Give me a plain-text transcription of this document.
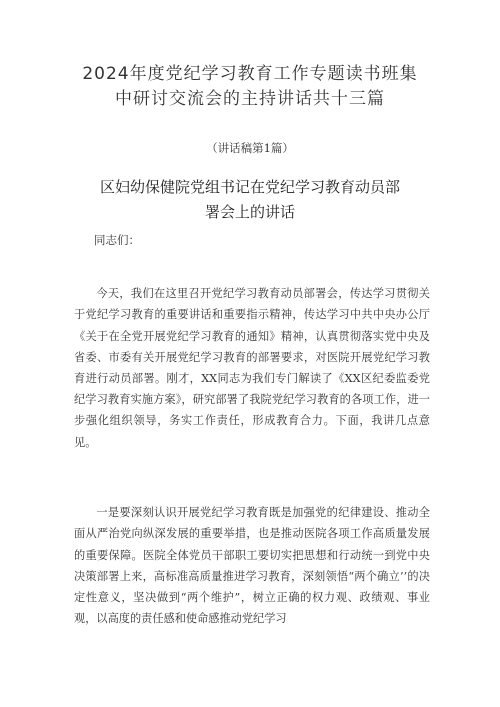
2024年度党纪学习教育工作专题读书班集
中研讨交流会的主持讲话共十三篇
（讲话稿第1篇）
区妇幼保健院党组书记在党纪学习教育动员部
署会上的讲话
同志们：

今天，我们在这里召开党纪学习教育动员部署会，传达学习贯彻关于党纪学习教育的重要讲话和重要指示精神，传达学习中共中央办公厅《关于在全党开展党纪学习教育的通知》精神，认真贯彻落实党中央及省委、市委有关开展党纪学习教育的部署要求，对医院开展党纪学习教育进行动员部署。刚才，XX同志为我们专门解读了《XX区纪委监委党纪学习教育实施方案》，研究部署了我院党纪学习教育的各项工作，进一步强化组织领导，务实工作责任，形成教育合力。下面，我讲几点意见。

一是要深刻认识开展党纪学习教育既是加强党的纪律建设、推动全面从严治党向纵深发展的重要举措，也是推动医院各项工作高质量发展的重要保障。医院全体党员干部职工要切实把思想和行动统一到党中央决策部署上来，高标准高质量推进学习教育，深刻领悟“两个确立’’的决定性意义，坚决做到“两个维护”，树立正确的权力观、政绩观、事业观，以高度的责任感和使命感推动党纪学习
